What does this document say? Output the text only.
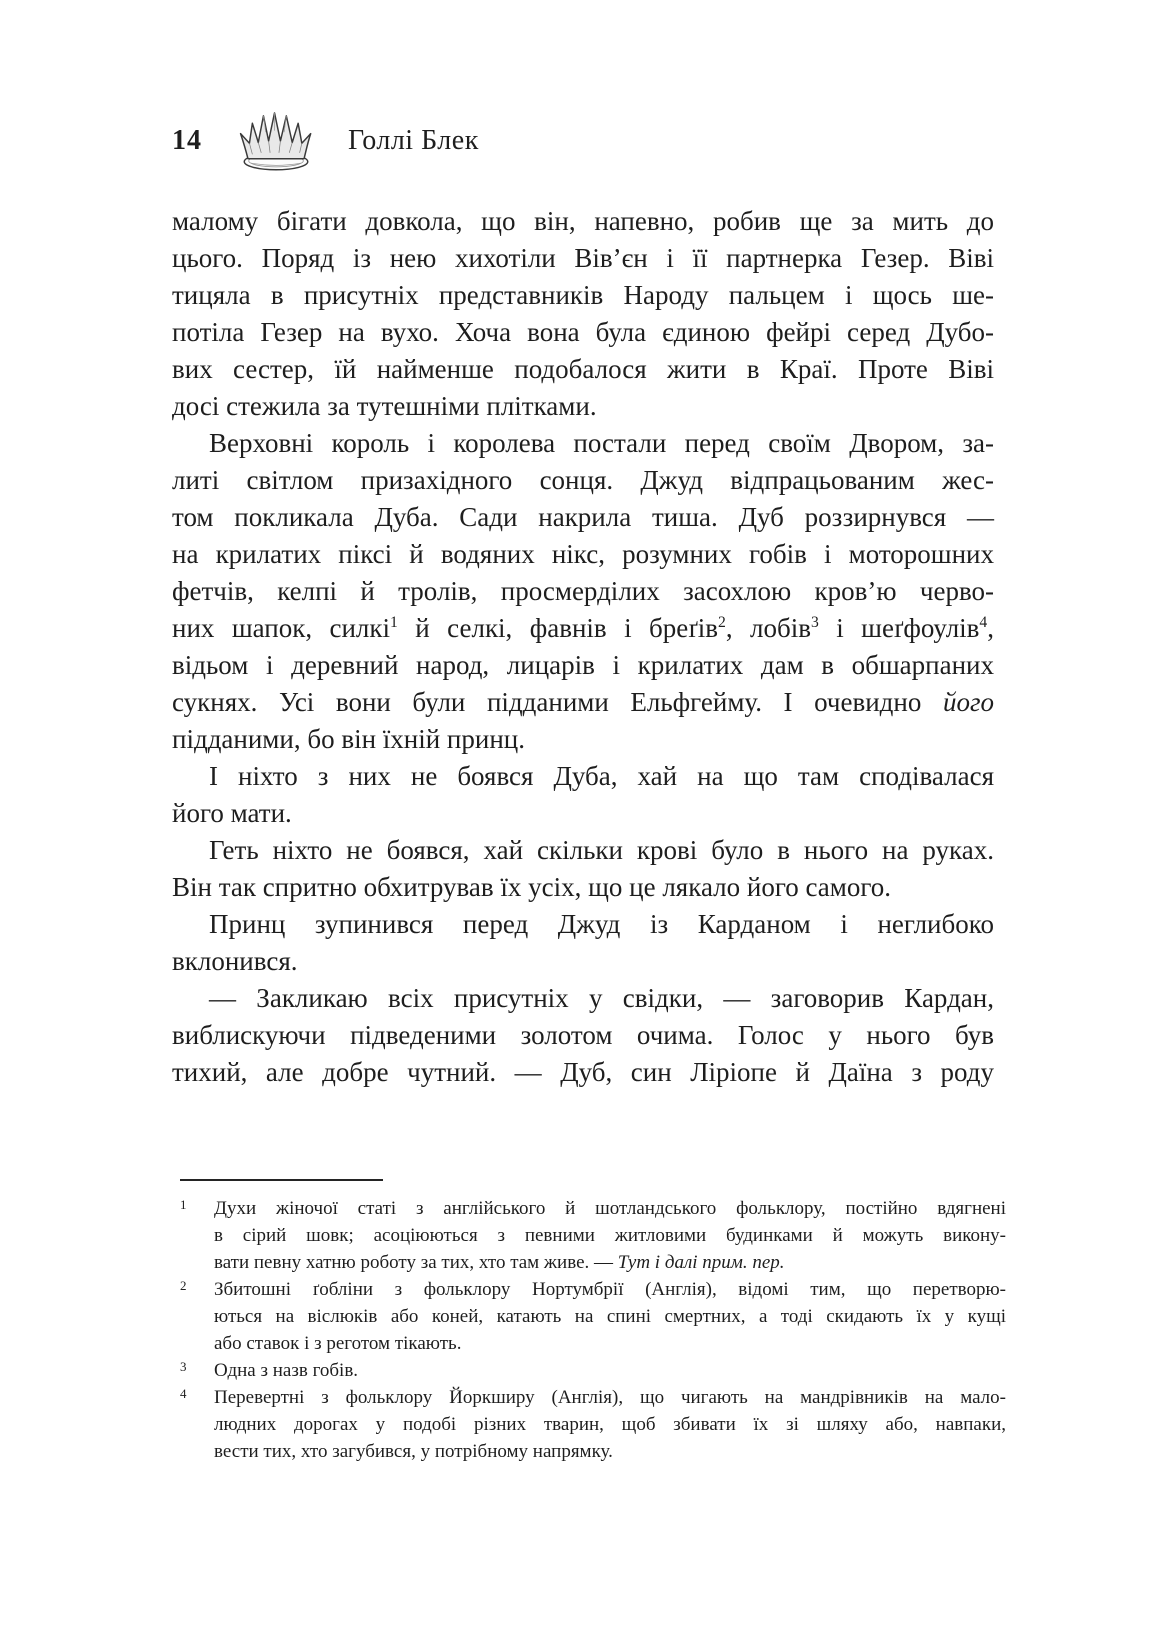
14	Голлі Блек
малому бігати довкола, що він, напевно, робив ще за мить до
цього. Поряд із нею хихотіли Вів’єн і її партнерка Гезер. Віві
тицяла в присутніх представників Народу пальцем і щось ше-
потіла Гезер на вухо. Хоча вона була єдиною фейрі серед Дубо-
вих сестер, їй найменше подобалося жити в Краї. Проте Віві
досі стежила за тутешніми плітками.
Верховні король і королева постали перед своїм Двором, за-
литі світлом призахідного сонця. Джуд відпрацьованим жес-
том покликала Дуба. Сади накрила тиша. Дуб роззирнувся —
на крилатих піксі й водяних нікс, розумних гобів і моторошних
фетчів, келпі й тролів, просмерділих засохлою кров’ю черво-
них шапок, силкі$^1$ й селкі, фавнів і бреґів$^2$, лобів$^3$ і шеґфоулів$^4$,
відьом і деревний народ, лицарів і крилатих дам в обшарпаних
сукнях. Усі вони були підданими Ельфгейму. І очевидно його
підданими, бо він їхній принц.
І ніхто з них не боявся Дуба, хай на що там сподівалася
його мати.
Геть ніхто не боявся, хай скільки крові було в нього на руках.
Він так спритно обхитрував їх усіх, що це лякало його самого.
Принц зупинився перед Джуд із Карданом і неглибоко
вклонився.
— Закликаю всіх присутніх у свідки, — заговорив Кардан,
виблискуючи підведеними золотом очима. Голос у нього був
тихий, але добре чутний. — Дуб, син Ліріопе й Даїна з роду
1	Духи жіночої статі з англійського й шотландського фольклору, постійно вдягнені
в сірий шовк; асоціюються з певними житловими будинками й можуть викону-
вати певну хатню роботу за тих, хто там живе. — Тут і далі прим. пер.
2	Збитошні ґобліни з фольклору Нортумбрії (Англія), відомі тим, що перетворю-
ються на віслюків або коней, катають на спині смертних, а тоді скидають їх у кущі
або ставок і з реготом тікають.
3	Одна з назв гобів.
4	Перевертні з фольклору Йоркширу (Англія), що чигають на мандрівників на мало-
людних дорогах у подобі різних тварин, щоб збивати їх зі шляху або, навпаки,
вести тих, хто загубився, у потрібному напрямку.
